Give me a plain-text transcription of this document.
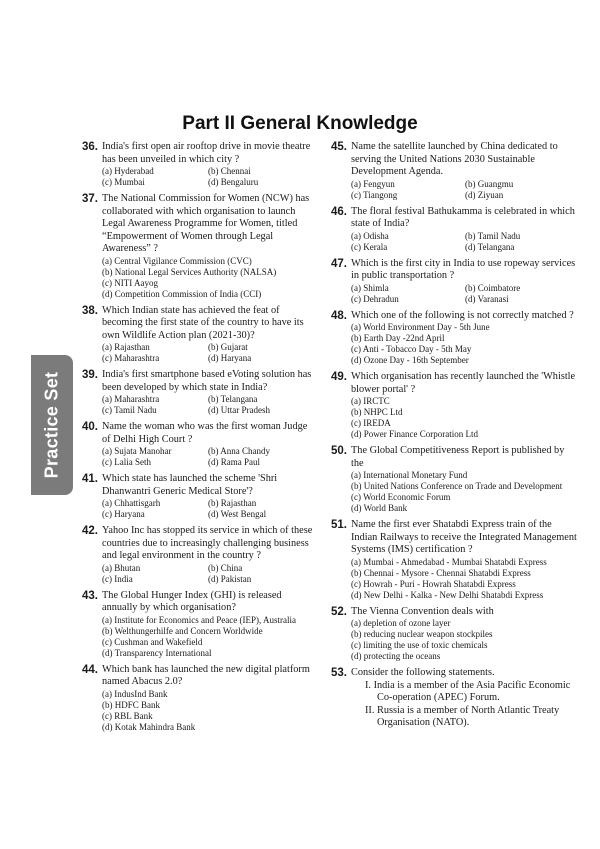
Part II General Knowledge
Practice Set
36. India's first open air rooftop drive in movie theatre has been unveiled in which city ?
(a) Hyderabad	(b) Chennai
(c) Mumbai	(d) Bengaluru
37. The National Commission for Women (NCW) has collaborated with which organisation to launch Legal Awareness Programme for Women, titled
“Empowerment of Women through Legal Awareness” ?
(a) Central Vigilance Commission (CVC)
(b) National Legal Services Authority (NALSA)
(c) NITI Aayog
(d) Competition Commission of India (CCI)
38. Which Indian state has achieved the feat of becoming the first state of the country to have its own Wildlife Action plan (2021-30)?
(a) Rajasthan	(b) Gujarat
(c) Maharashtra	(d) Haryana
39. India's first smartphone based eVoting solution has been developed by which state in India?
(a) Maharashtra	(b) Telangana
(c) Tamil Nadu	(d) Uttar Pradesh
40. Name the woman who was the first woman Judge of Delhi High Court ?
(a) Sujata Manohar	(b) Anna Chandy
(c) Lalia Seth	(d) Rama Paul
41. Which state has launched the scheme 'Shri Dhanwantri Generic Medical Store'?
(a) Chhattisgarh	(b) Rajasthan
(c) Haryana	(d) West Bengal
42. Yahoo Inc has stopped its service in which of these countries due to increasingly challenging business and legal environment in the country ?
(a) Bhutan	(b) China
(c) India	(d) Pakistan
43. The Global Hunger Index (GHI) is released annually by which organisation?
(a) Institute for Economics and Peace (IEP), Australia
(b) Welthungerhilfe and Concern Worldwide
(c) Cushman and Wakefield
(d) Transparency International
44. Which bank has launched the new digital platform named Abacus 2.0?
(a) IndusInd Bank
(b) HDFC Bank
(c) RBL Bank
(d) Kotak Mahindra Bank
45. Name the satellite launched by China dedicated to serving the United Nations 2030 Sustainable Development Agenda.
(a) Fengyun	(b) Guangmu
(c) Tiangong	(d) Ziyuan
46. The floral festival Bathukamma is celebrated in which state of India?
(a) Odisha	(b) Tamil Nadu
(c) Kerala	(d) Telangana
47. Which is the first city in India to use ropeway services in public transportation ?
(a) Shimla	(b) Coimbatore
(c) Dehradun	(d) Varanasi
48. Which one of the following is not correctly matched ?
(a) World Environment Day - 5th June
(b) Earth Day -22nd April
(c) Anti - Tobacco Day - 5th May
(d) Ozone Day - 16th September
49. Which organisation has recently launched the 'Whistle blower portal' ?
(a) IRCTC
(b) NHPC Ltd
(c) IREDA
(d) Power Finance Corporation Ltd
50. The Global Competitiveness Report is published by the
(a) International Monetary Fund
(b) United Nations Conference on Trade and Development
(c) World Economic Forum
(d) World Bank
51. Name the first ever Shatabdi Express train of the Indian Railways to receive the Integrated Management Systems (IMS) certification ?
(a) Mumbai - Ahmedabad - Mumbai Shatabdi Express
(b) Chennai - Mysore - Chennai Shatabdi Express
(c) Howrah - Puri - Howrah Shatabdi Express
(d) New Delhi - Kalka - New Delhi Shatabdi Express
52. The Vienna Convention deals with
(a) depletion of ozone layer
(b) reducing nuclear weapon stockpiles
(c) limiting the use of toxic chemicals
(d) protecting the oceans
53. Consider the following statements.
I. India is a member of the Asia Pacific Economic Co-operation (APEC) Forum.
II. Russia is a member of North Atlantic Treaty Organisation (NATO).
